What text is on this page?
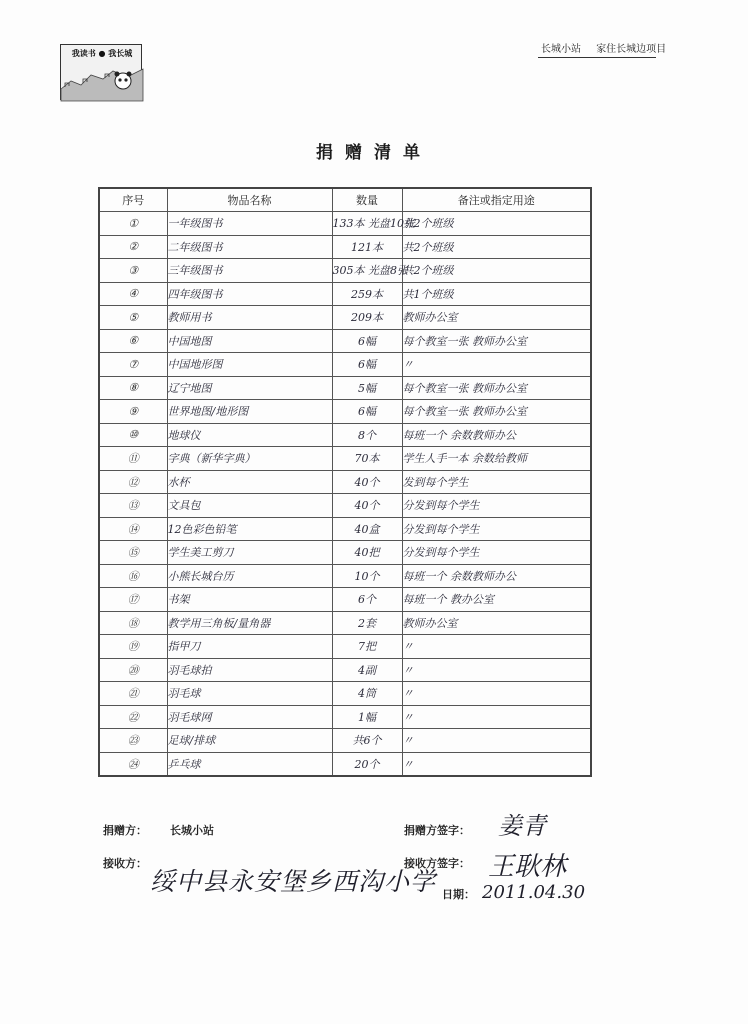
我读书 ● 我长城	长城小站 家住长城边项目
捐赠清单
序号	物品名称	数量	备注或指定用途
①	一年级图书	133本 光盘10张	共2个班级
②	二年级图书	121本	共2个班级
③	三年级图书	305本 光盘8张	共2个班级
④	四年级图书	259本	共1个班级
⑤	教师用书	209本	教师办公室
⑥	中国地图	6幅	每个教室一张 教师办公室
⑦	中国地形图	6幅	〃
⑧	辽宁地图	5幅	每个教室一张 教师办公室
⑨	世界地图/地形图	6幅	每个教室一张 教师办公室
⑩	地球仪	8个	每班一个 余数教师办公
⑪	字典（新华字典）	70本	学生人手一本 余数给教师
⑫	水杯	40个	发到每个学生
⑬	文具包	40个	分发到每个学生
⑭	12色彩色铅笔	40盒	分发到每个学生
⑮	学生美工剪刀	40把	分发到每个学生
⑯	小熊长城台历	10个	每班一个 余数教师办公
⑰	书架	6个	每班一个 教办公室
⑱	教学用三角板/量角器	2套	教师办公室
⑲	指甲刀	7把	〃
⑳	羽毛球拍	4副	〃
㉑	羽毛球	4筒	〃
㉒	羽毛球网	1幅	〃
㉓	足球/排球	共6个	〃
㉔	乒乓球	20个	〃
捐赠方： 长城小站	捐赠方签字： 姜青
接收方：
绥中县永安堡乡西沟小学
接收方签字： 王耿林
日期： 2011.04.30
